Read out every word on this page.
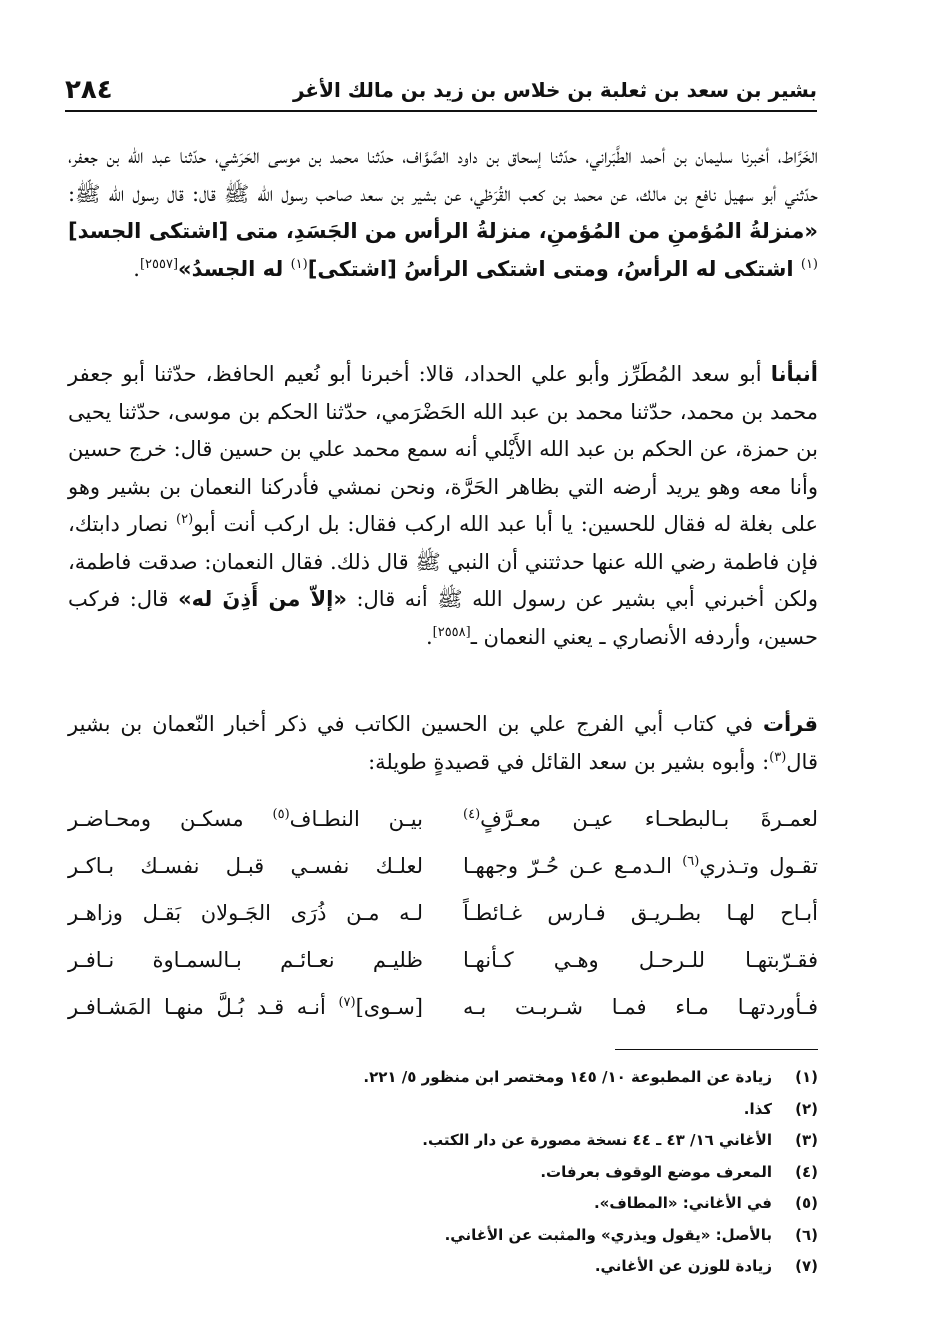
بشير بن سعد بن ثعلبة بن خلاس بن زيد بن مالك الأغر
٢٨٤

الخَرَّاط، أخبرنا سليمان بن أحمد الطَّبَراني، حدّثنا إسحاق بن داود الصَّوَّاف، حدّثنا محمد بن موسى الحَرَشي، حدّثنا عبد الله بن جعفر، حدّثني أبو سهيل نافع بن مالك، عن محمد بن كعب القُرَظي، عن بشير بن سعد صاحب رسول الله ﷺ قال: قال رسول الله ﷺ: «منزلةُ المُؤمنِ من المُؤمنِ، منزلةُ الرأس من الجَسَدِ، متى [اشتكى الجسد]$^{(١)}$ اشتكى له الرأسُ، ومتى اشتكى الرأسُ [اشتكى]$^{(١)}$ له الجسدُ»[٢٥٥٧].

أنبأنا أبو سعد المُطَرِّز وأبو علي الحداد، قالا: أخبرنا أبو نُعيم الحافظ، حدّثنا أبو جعفر محمد بن محمد، حدّثنا محمد بن عبد الله الحَضْرَمي، حدّثنا الحكم بن موسى، حدّثنا يحيى بن حمزة، عن الحكم بن عبد الله الأَيْلي أنه سمع محمد علي بن حسين قال: خرج حسين وأنا معه وهو يريد أرضه التي بظاهر الحَرَّة، ونحن نمشي فأدركنا النعمان بن بشير وهو على بغلة له فقال للحسين: يا أبا عبد الله اركب فقال: بل اركب أنت أبو$^{(٢)}$ نصار دابتك، فإن فاطمة رضي الله عنها حدثتني أن النبي ﷺ قال ذلك. فقال النعمان: صدقت فاطمة، ولكن أخبرني أبي بشير عن رسول الله ﷺ أنه قال: «إلاّ من أَذِنَ له» قال: فركب حسين، وأردفه الأنصاري ـ يعني النعمان ـ[٢٥٥٨].

قرأت في كتاب أبي الفرج علي بن الحسين الكاتب في ذكر أخبار النّعمان بن بشير قال$^{(٣)}$: وأبوه بشير بن سعد القائل في قصيدةٍ طويلة:

لعمـرةَ بـالبطحـاء عيـن معـرَّفٍ$^{(٤)}$
بيـن النطـاف$^{(٥)}$ مسكـن ومحـاضـر
تقـول وتـذري$^{(٦)}$ الـدمـع عـن حُـرّ وجههـا
لعلـك نفسـي قبـل نفسـك بـاكـر
أبـاح لهـا بطـريـق فـارس غـائطـاً
لـه مـن ذُرَى الجَـولان بَقـل وزاهـر
فقـرّبتهـا للـرحـل وهـي كـأنهـا
ظليـم نعـائـم بـالسمـاوة نـافـر
فـأوردتهـا مـاء فمـا شـربـت بـه
[سـوى]$^{(٧)}$ أنـه قـد بُـلَّ منهـا المَشـافـر
(١)
زيادة عن المطبوعة ١٠/ ١٤٥ ومختصر ابن منظور ٥/ ٢٢١.
(٢)
كذا.
(٣)
الأغاني ١٦/ ٤٣ ـ ٤٤ نسخة مصورة عن دار الكتب.
(٤)
المعرف موضع الوقوف بعرفات.
(٥)
في الأغاني: «المطاف».
(٦)
بالأصل: «يقول ويذري» والمثبت عن الأغاني.
(٧)
زيادة للوزن عن الأغاني.
